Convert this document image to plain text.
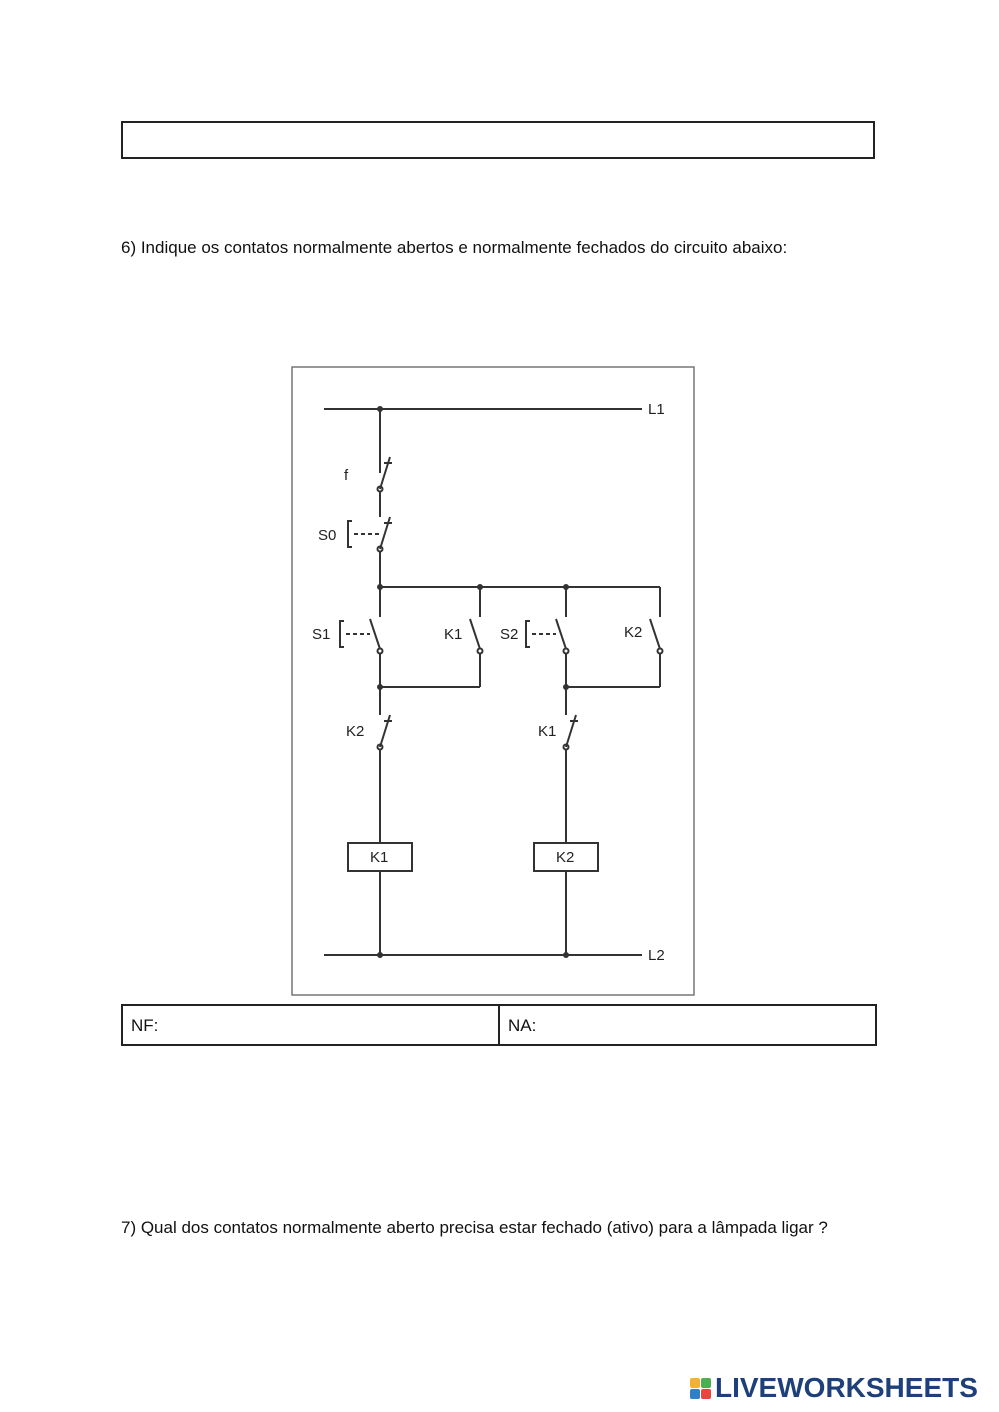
6) Indique os contatos normalmente abertos e normalmente fechados do circuito abaixo:
L1
L2
f
S0
S1	K1	S2	K2
K2	K1
K1	K2
NF:	NA:
7) Qual dos contatos normalmente aberto precisa estar fechado (ativo) para a lâmpada ligar ?
LIVEWORKSHEETS
